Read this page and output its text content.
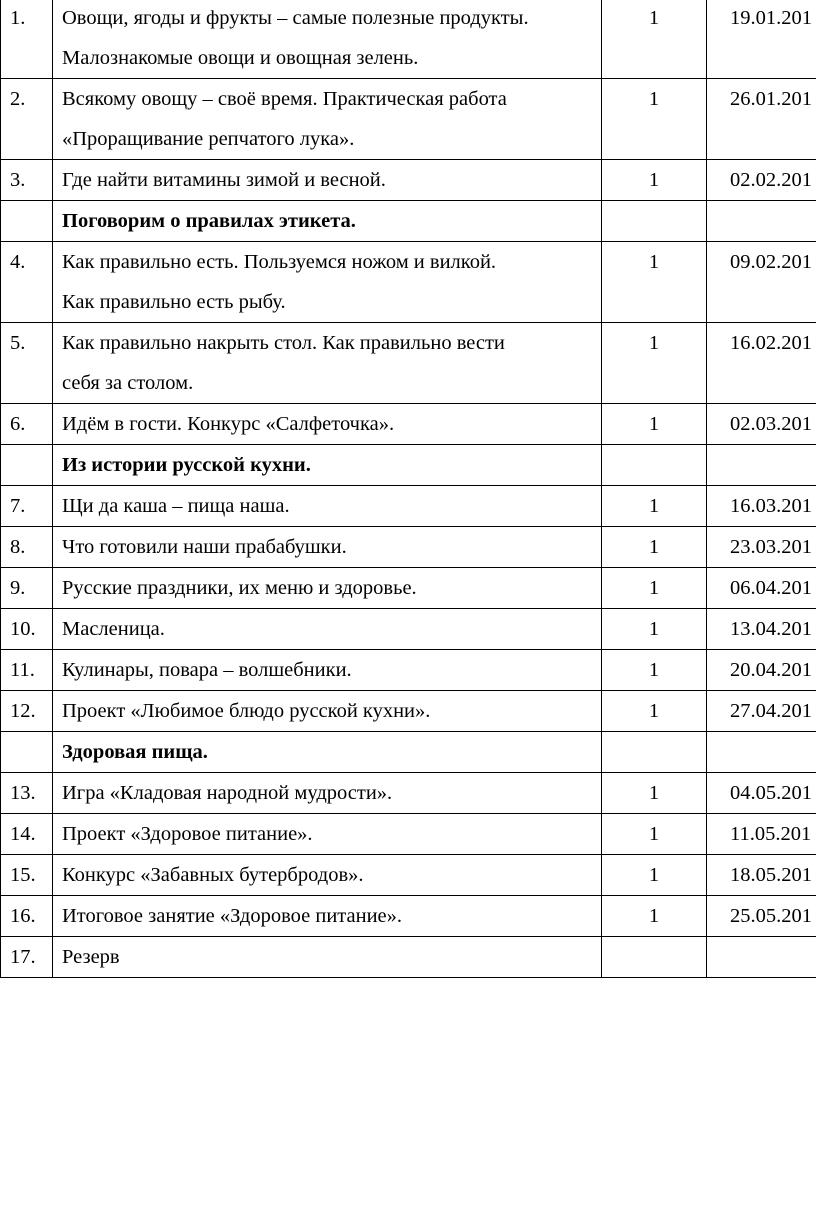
1.	Овощи, ягоды и фрукты – самые полезные продукты.
Малознакомые овощи и овощная зелень.	1	19.01.201
2.	Всякому овощу – своё время. Практическая работа
«Проращивание репчатого лука».	1	26.01.201
3.	Где найти витамины зимой и весной.	1	02.02.201

	Поговорим о правилах этикета.		

4.	Как правильно есть. Пользуемся ножом и вилкой.
Как правильно есть рыбу.	1	09.02.201
5.	Как правильно накрыть стол. Как правильно вести
себя за столом.	1	16.02.201
6.	Идём в гости. Конкурс «Салфеточка».	1	02.03.201

	Из истории русской кухни.		

7.	Щи да каша – пища наша.	1	16.03.201
8.	Что готовили наши прабабушки.	1	23.03.201
9.	Русские праздники, их меню и здоровье.	1	06.04.201
10.	Масленица.	1	13.04.201
11.	Кулинары, повара – волшебники.	1	20.04.201
12.	Проект «Любимое блюдо русской кухни».	1	27.04.201

	Здоровая пища.		

13.	Игра «Кладовая народной мудрости».	1	04.05.201
14.	Проект «Здоровое питание».	1	11.05.201
15.	Конкурс «Забавных бутербродов».	1	18.05.201
16.	Итоговое занятие «Здоровое питание».	1	25.05.201
17.	Резерв		
